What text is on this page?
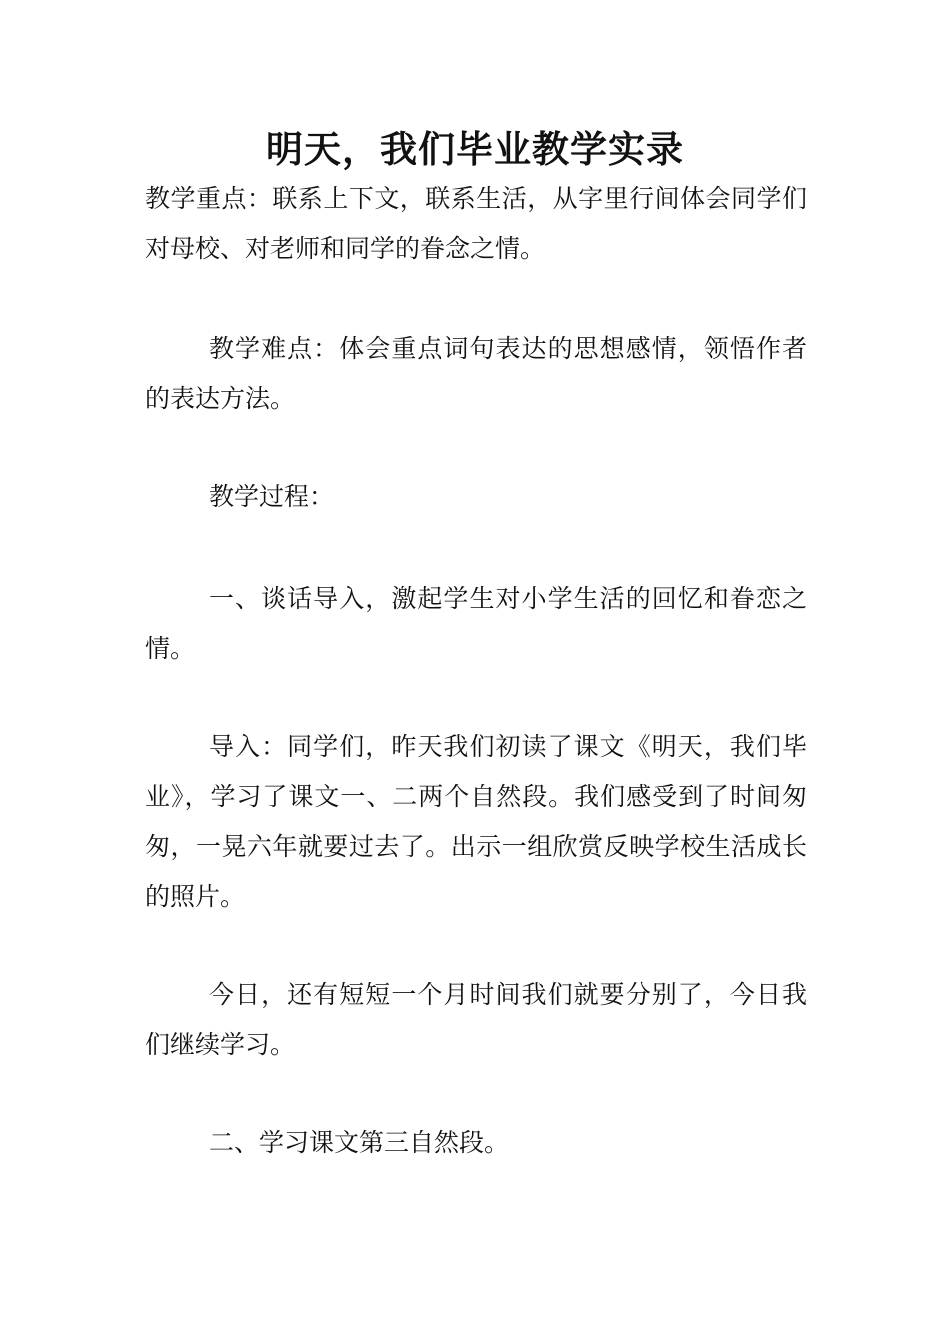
明天，我们毕业教学实录

教学重点：联系上下文，联系生活，从字里行间体会同学们对母校、对老师和同学的眷念之情。

教学难点：体会重点词句表达的思想感情，领悟作者的表达方法。

教学过程：

一、谈话导入，激起学生对小学生活的回忆和眷恋之情。

导入：同学们，昨天我们初读了课文《明天，我们毕业》，学习了课文一、二两个自然段。我们感受到了时间匆匆，一晃六年就要过去了。出示一组欣赏反映学校生活成长的照片。

今日，还有短短一个月时间我们就要分别了，今日我们继续学习。

二、学习课文第三自然段。
